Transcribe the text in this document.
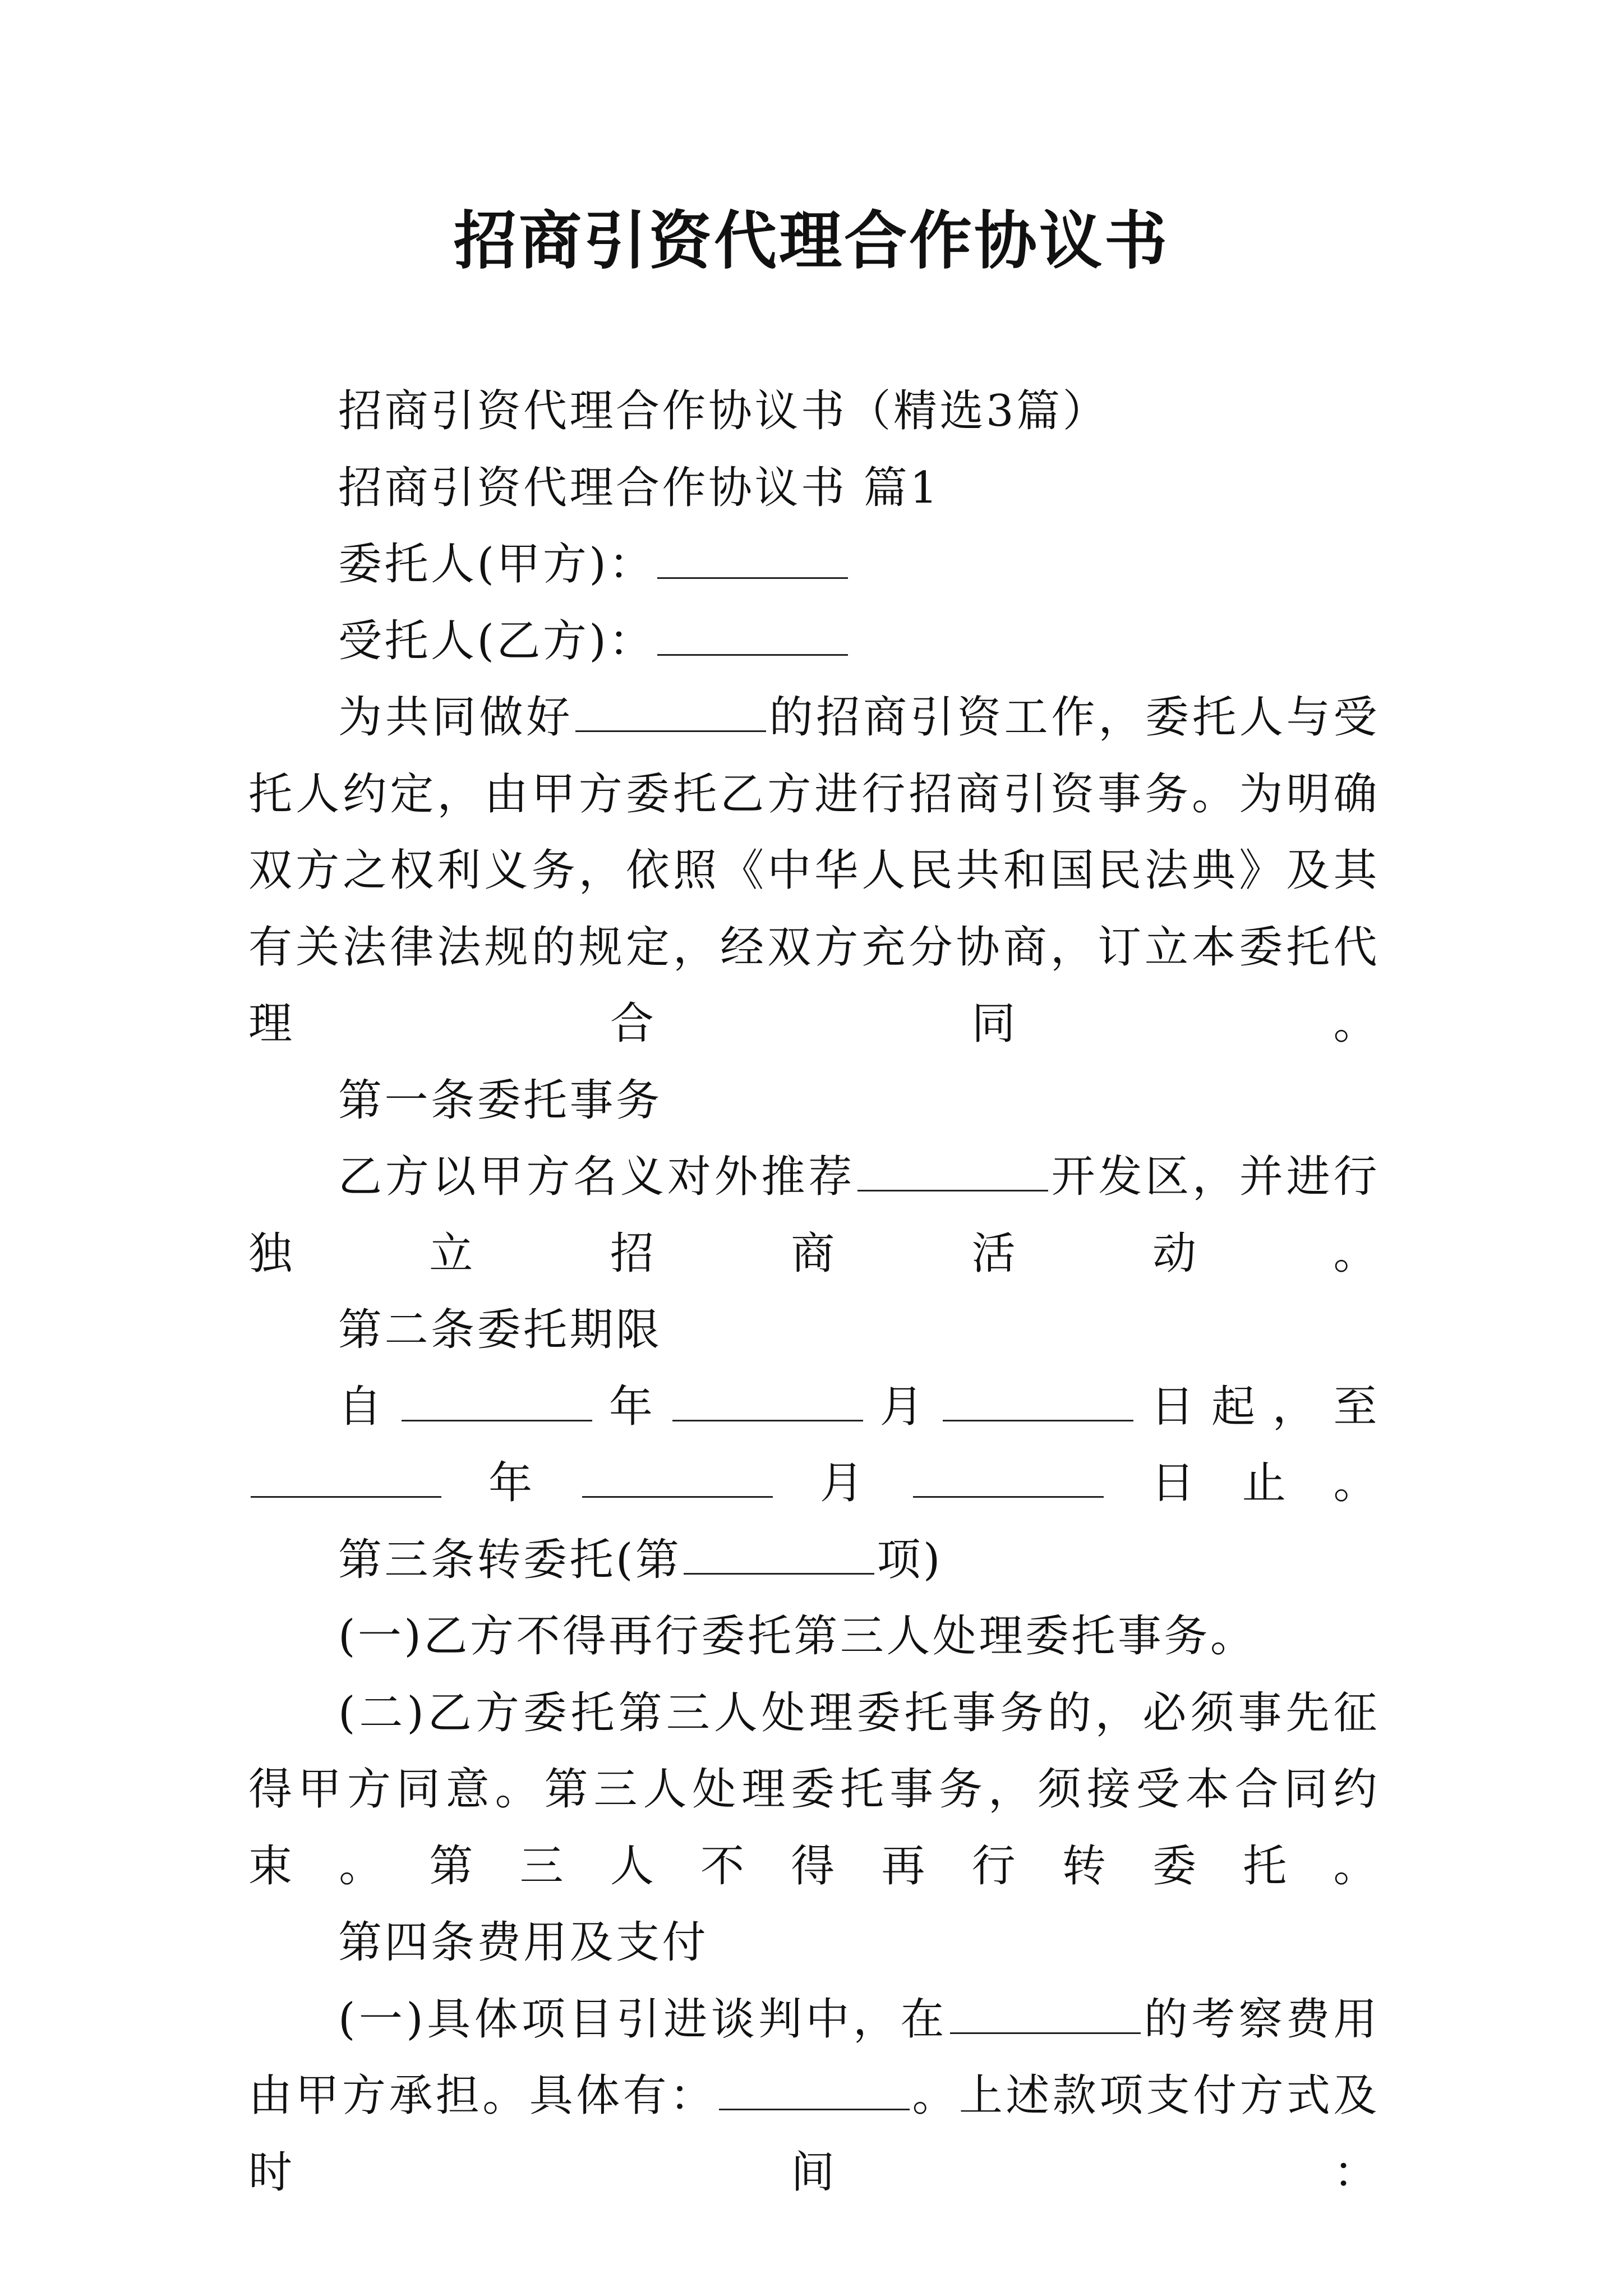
招商引资代理合作协议书

招商引资代理合作协议书（精选3篇）

招商引资代理合作协议书 篇1

委托人(甲方)：

受托人(乙方)：

为共同做好	的招商引资工作，委托人与受托人约定，由甲方委托乙方进行招商引资事务。为明确双方之权利义务，依照《中华人民共和国民法典》及其有关法律法规的规定，经双方充分协商，订立本委托代理合同。

第一条委托事务

乙方以甲方名义对外推荐	开发区，并进行独立招商活动。

第二条委托期限

自	年	月	日起，至年	月	日止。

第三条转委托(第	项)

(一)乙方不得再行委托第三人处理委托事务。

(二)乙方委托第三人处理委托事务的，必须事先征得甲方同意。第三人处理委托事务，须接受本合同约束。第三人不得再行转委托。

第四条费用及支付

(一)具体项目引进谈判中，在	的考察费用由甲方承担。具体有：	。上述款项支付方式及时间：
